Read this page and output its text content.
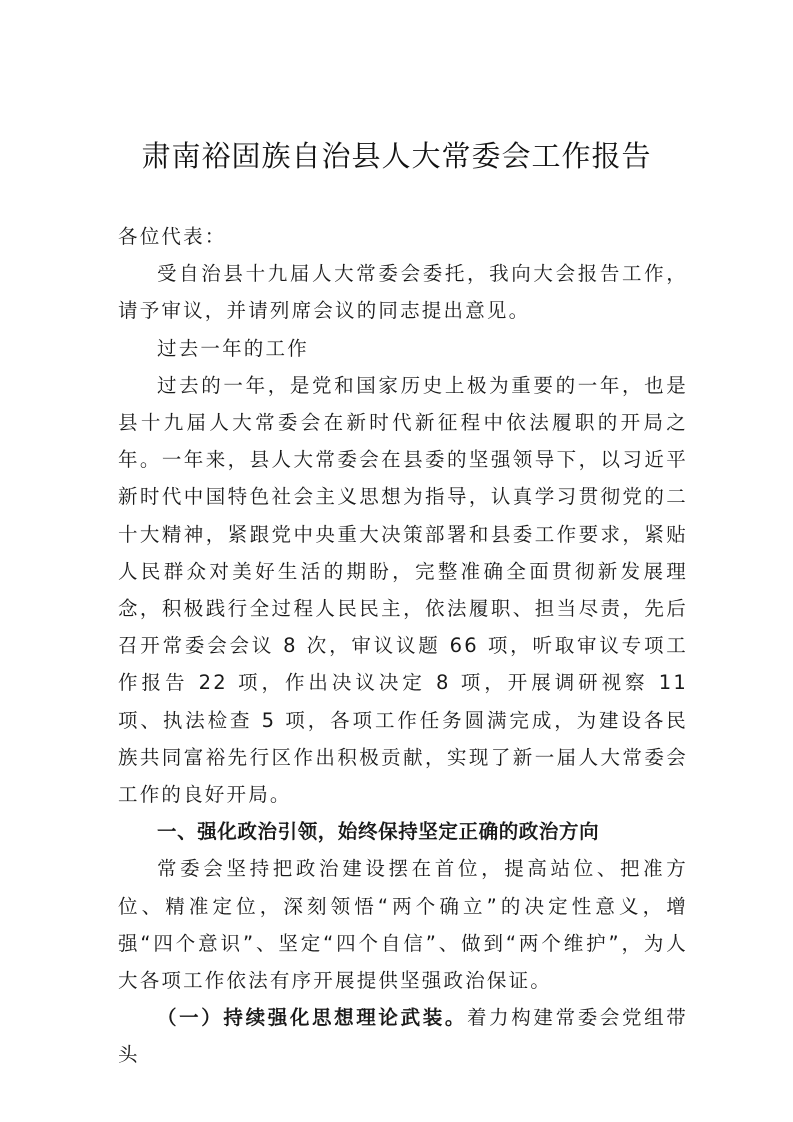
肃南裕固族自治县人大常委会工作报告

各位代表：

受自治县十九届人大常委会委托，我向大会报告工作，请予审议，并请列席会议的同志提出意见。

过去一年的工作

过去的一年，是党和国家历史上极为重要的一年，也是县十九届人大常委会在新时代新征程中依法履职的开局之年。一年来，县人大常委会在县委的坚强领导下，以习近平新时代中国特色社会主义思想为指导，认真学习贯彻党的二十大精神，紧跟党中央重大决策部署和县委工作要求，紧贴人民群众对美好生活的期盼，完整准确全面贯彻新发展理念，积极践行全过程人民民主，依法履职、担当尽责，先后召开常委会会议 8 次，审议议题 66 项，听取审议专项工作报告 22 项，作出决议决定 8 项，开展调研视察 11 项、执法检查 5 项，各项工作任务圆满完成，为建设各民族共同富裕先行区作出积极贡献，实现了新一届人大常委会工作的良好开局。

一、强化政治引领，始终保持坚定正确的政治方向

常委会坚持把政治建设摆在首位，提高站位、把准方位、精准定位，深刻领悟“两个确立”的决定性意义，增强“四个意识”、坚定“四个自信”、做到“两个维护”，为人大各项工作依法有序开展提供坚强政治保证。

（一）持续强化思想理论武装。着力构建常委会党组带头
